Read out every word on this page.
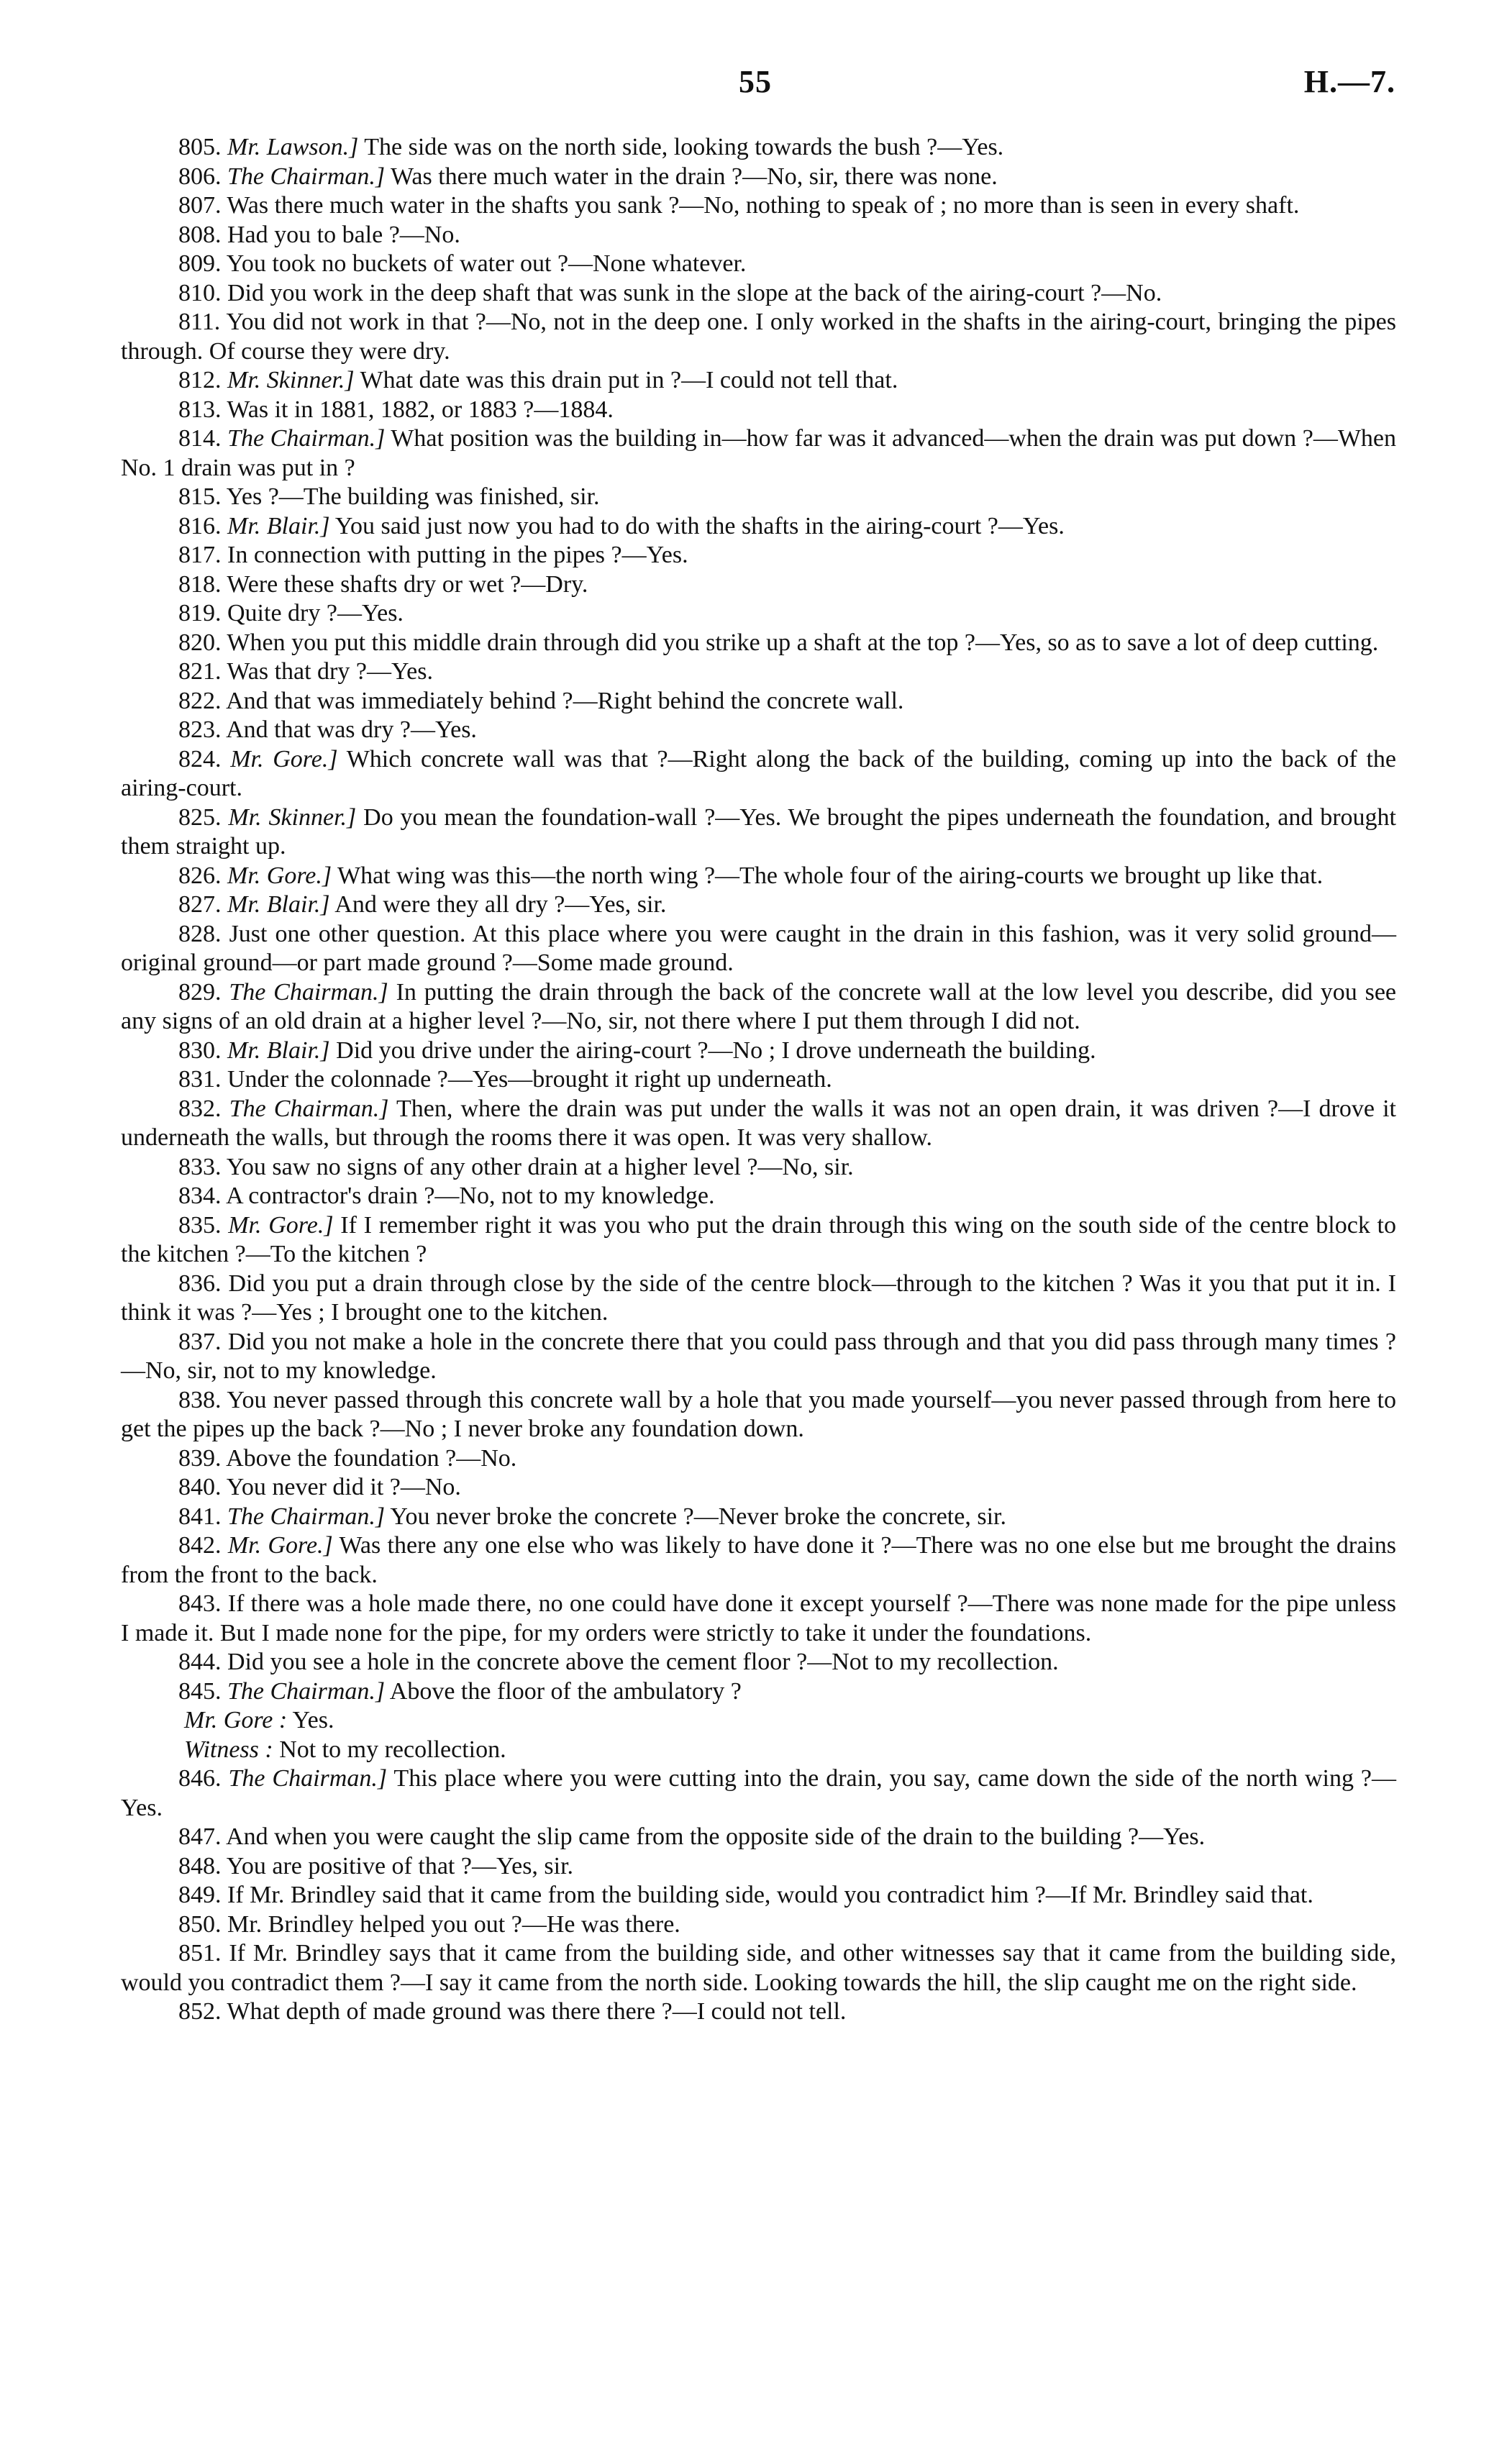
55	H.—7.

805. Mr. Lawson.] The side was on the north side, looking towards the bush ?—Yes.

806. The Chairman.] Was there much water in the drain ?—No, sir, there was none.

807. Was there much water in the shafts you sank ?—No, nothing to speak of ; no more than is seen in every shaft.

808. Had you to bale ?—No.

809. You took no buckets of water out ?—None whatever.

810. Did you work in the deep shaft that was sunk in the slope at the back of the airing-court ?—No.

811. You did not work in that ?—No, not in the deep one. I only worked in the shafts in the airing-court, bringing the pipes through. Of course they were dry.

812. Mr. Skinner.] What date was this drain put in ?—I could not tell that.

813. Was it in 1881, 1882, or 1883 ?—1884.

814. The Chairman.] What position was the building in—how far was it advanced—when the drain was put down ?—When No. 1 drain was put in ?

815. Yes ?—The building was finished, sir.

816. Mr. Blair.] You said just now you had to do with the shafts in the airing-court ?—Yes.

817. In connection with putting in the pipes ?—Yes.

818. Were these shafts dry or wet ?—Dry.

819. Quite dry ?—Yes.

820. When you put this middle drain through did you strike up a shaft at the top ?—Yes, so as to save a lot of deep cutting.

821. Was that dry ?—Yes.

822. And that was immediately behind ?—Right behind the concrete wall.

823. And that was dry ?—Yes.

824. Mr. Gore.] Which concrete wall was that ?—Right along the back of the building, coming up into the back of the airing-court.

825. Mr. Skinner.] Do you mean the foundation-wall ?—Yes. We brought the pipes underneath the foundation, and brought them straight up.

826. Mr. Gore.] What wing was this—the north wing ?—The whole four of the airing-courts we brought up like that.

827. Mr. Blair.] And were they all dry ?—Yes, sir.

828. Just one other question. At this place where you were caught in the drain in this fashion, was it very solid ground—original ground—or part made ground ?—Some made ground.

829. The Chairman.] In putting the drain through the back of the concrete wall at the low level you describe, did you see any signs of an old drain at a higher level ?—No, sir, not there where I put them through I did not.

830. Mr. Blair.] Did you drive under the airing-court ?—No ; I drove underneath the building.

831. Under the colonnade ?—Yes—brought it right up underneath.

832. The Chairman.] Then, where the drain was put under the walls it was not an open drain, it was driven ?—I drove it underneath the walls, but through the rooms there it was open. It was very shallow.

833. You saw no signs of any other drain at a higher level ?—No, sir.

834. A contractor's drain ?—No, not to my knowledge.

835. Mr. Gore.] If I remember right it was you who put the drain through this wing on the south side of the centre block to the kitchen ?—To the kitchen ?

836. Did you put a drain through close by the side of the centre block—through to the kitchen ? Was it you that put it in. I think it was ?—Yes ; I brought one to the kitchen.

837. Did you not make a hole in the concrete there that you could pass through and that you did pass through many times ?—No, sir, not to my knowledge.

838. You never passed through this concrete wall by a hole that you made yourself—you never passed through from here to get the pipes up the back ?—No ; I never broke any foundation down.

839. Above the foundation ?—No.

840. You never did it ?—No.

841. The Chairman.] You never broke the concrete ?—Never broke the concrete, sir.

842. Mr. Gore.] Was there any one else who was likely to have done it ?—There was no one else but me brought the drains from the front to the back.

843. If there was a hole made there, no one could have done it except yourself ?—There was none made for the pipe unless I made it. But I made none for the pipe, for my orders were strictly to take it under the foundations.

844. Did you see a hole in the concrete above the cement floor ?—Not to my recollection.

845. The Chairman.] Above the floor of the ambulatory ?

Mr. Gore : Yes.

Witness : Not to my recollection.

846. The Chairman.] This place where you were cutting into the drain, you say, came down the side of the north wing ?—Yes.

847. And when you were caught the slip came from the opposite side of the drain to the building ?—Yes.

848. You are positive of that ?—Yes, sir.

849. If Mr. Brindley said that it came from the building side, would you contradict him ?—If Mr. Brindley said that.

850. Mr. Brindley helped you out ?—He was there.

851. If Mr. Brindley says that it came from the building side, and other witnesses say that it came from the building side, would you contradict them ?—I say it came from the north side. Looking towards the hill, the slip caught me on the right side.

852. What depth of made ground was there there ?—I could not tell.
